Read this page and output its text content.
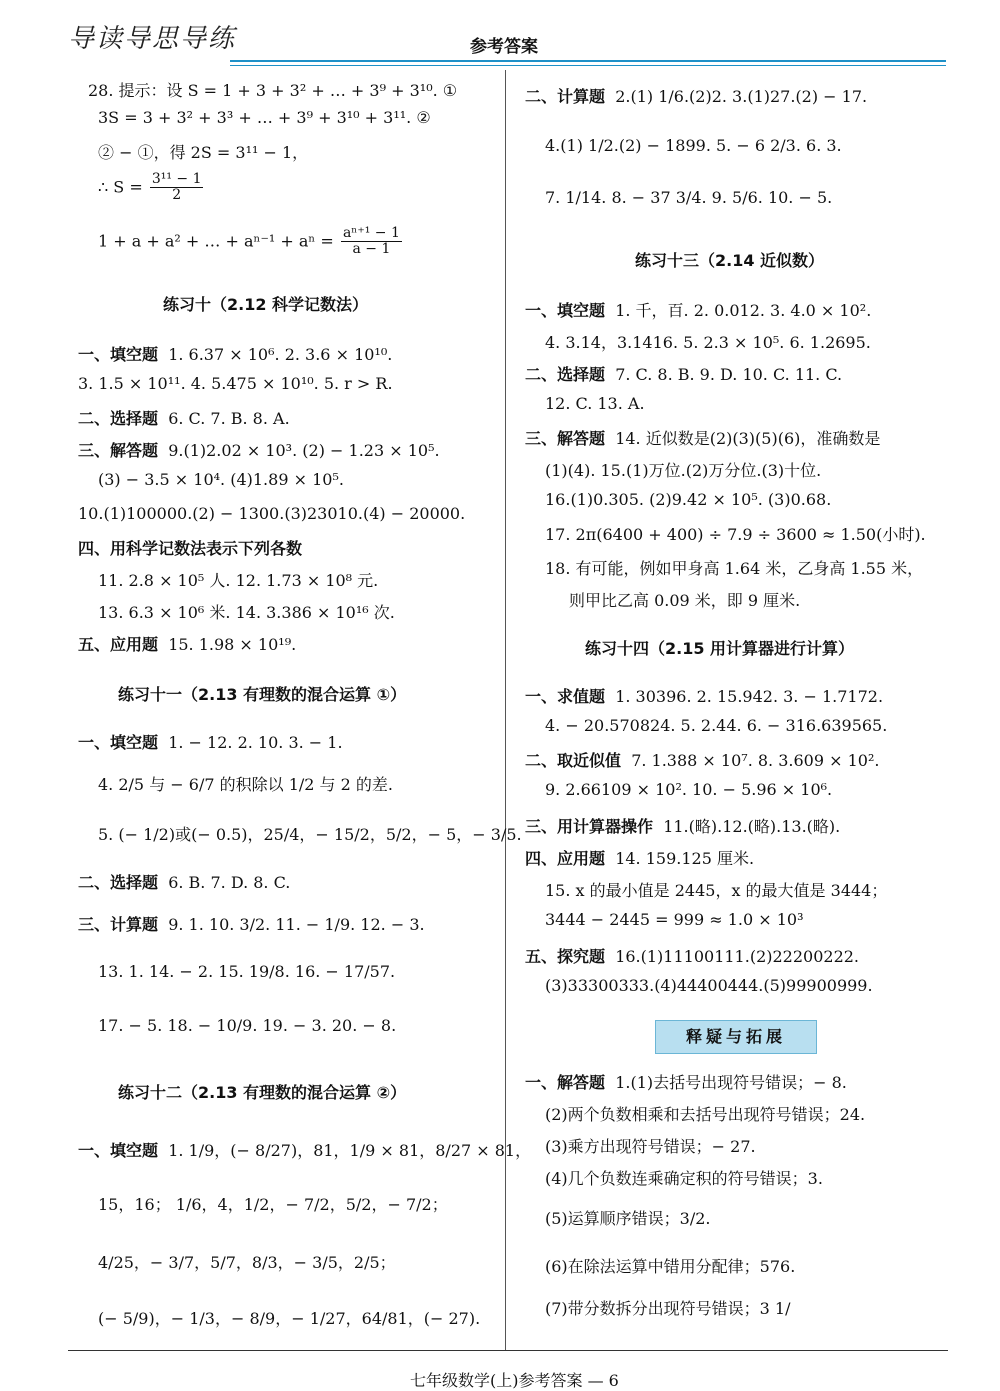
导读导思导练	参考答案
28. 提示：设 S = 1 + 3 + 3² + … + 3⁹ + 3¹⁰. ①
3S = 3 + 3² + 3³ + … + 3⁹ + 3¹⁰ + 3¹¹. ②
② − ①，得 2S = 3¹¹ − 1，
∴ $S = \frac{\text{3¹¹ − 1}}{2}$
1 + a + a² + … + $a^{n-1} + a^n = \frac{\text{aⁿ⁺¹ − 1}}{a - 1}$
练习十（2.12 科学记数法）
一、填空题 1. 6.37 × 10⁶. 2. 3.6 × 10¹⁰.
3. 1.5 × 10¹¹. 4. 5.475 × 10¹⁰. 5. r > R.
二、选择题 6. C. 7. B. 8. A.
三、解答题 9.(1)2.02 × 10³. (2) − 1.23 × 10⁵.
(3) − 3.5 × 10⁴. (4)1.89 × 10⁵.
10.(1)100000.(2) − 1300.(3)23010.(4) − 20000.
四、用科学记数法表示下列各数
11. 2.8 × 10⁵ 人. 12. 1.73 × 10⁸ 元.
13. 6.3 × 10⁶ 米. 14. 3.386 × 10¹⁶ 次.
五、应用题 15. 1.98 × 10¹⁹.
练习十一（2.13 有理数的混合运算 ①）
一、填空题 1. − 12. 2. 10. 3. − 1.
4. 2/5 与 − 6/7 的积除以 1/2 与 2 的差.
5. (− 1/2)或(− 0.5)，25/4，− 15/2，5/2，− 5，− 3/5.
二、选择题 6. B. 7. D. 8. C.
三、计算题 9. 1. 10. 3/2. 11. − 1/9. 12. − 3.
13. 1. 14. − 2. 15. 19/8. 16. − 17/57.
17. − 5. 18. − 10/9. 19. − 3. 20. − 8.
练习十二（2.13 有理数的混合运算 ②）
一、填空题 1. 1/9，(− 8/27)，81，1/9 × 81，8/27 × 81，
15，16； 1/6，4，1/2，− 7/2，5/2，− 7/2；
4/25，− 3/7，5/7，8/3，− 3/5，2/5；
(− 5/9)，− 1/3，− 8/9，− 1/27，64/81，(− 27).
二、计算题 2.(1) 1/6.(2)2. 3.(1)27.(2) − 17.
4.(1) 1/2.(2) − 1899. 5. − 6 2/3. 6. 3.
7. 1/14. 8. − 37 3/4. 9. 5/6. 10. − 5.
练习十三（2.14 近似数）
一、填空题 1. 千，百. 2. 0.012. 3. 4.0 × 10².
4. 3.14，3.1416. 5. 2.3 × 10⁵. 6. 1.2695.
二、选择题 7. C. 8. B. 9. D. 10. C. 11. C.
12. C. 13. A.
三、解答题 14. 近似数是(2)(3)(5)(6)，准确数是
(1)(4). 15.(1)万位.(2)万分位.(3)十位.
16.(1)0.305. (2)9.42 × 10⁵. (3)0.68.
17. 2π(6400 + 400) ÷ 7.9 ÷ 3600 ≈ 1.50(小时).
18. 有可能，例如甲身高 1.64 米，乙身高 1.55 米，
则甲比乙高 0.09 米，即 9 厘米.
练习十四（2.15 用计算器进行计算）
一、求值题 1. 30396. 2. 15.942. 3. − 1.7172.
4. − 20.570824. 5. 2.44. 6. − 316.639565.
二、取近似值 7. 1.388 × 10⁷. 8. 3.609 × 10².
9. 2.66109 × 10². 10. − 5.96 × 10⁶.
三、用计算器操作 11.(略).12.(略).13.(略).
四、应用题 14. 159.125 厘米.
15. x 的最小值是 2445，x 的最大值是 3444；
3444 − 2445 = 999 ≈ 1.0 × 10³
五、探究题 16.(1)11100111.(2)22200222.
(3)33300333.(4)44400444.(5)99900999.
一、解答题 1.(1)去括号出现符号错误；− 8.
(2)两个负数相乘和去括号出现符号错误；24.
(3)乘方出现符号错误；− 27.
(4)几个负数连乘确定积的符号错误；3.
(5)运算顺序错误；3/2.
(6)在除法运算中错用分配律；576.
(7)带分数拆分出现符号错误；3 1/
释疑与拓展
七年级数学(上)参考答案 — 6
